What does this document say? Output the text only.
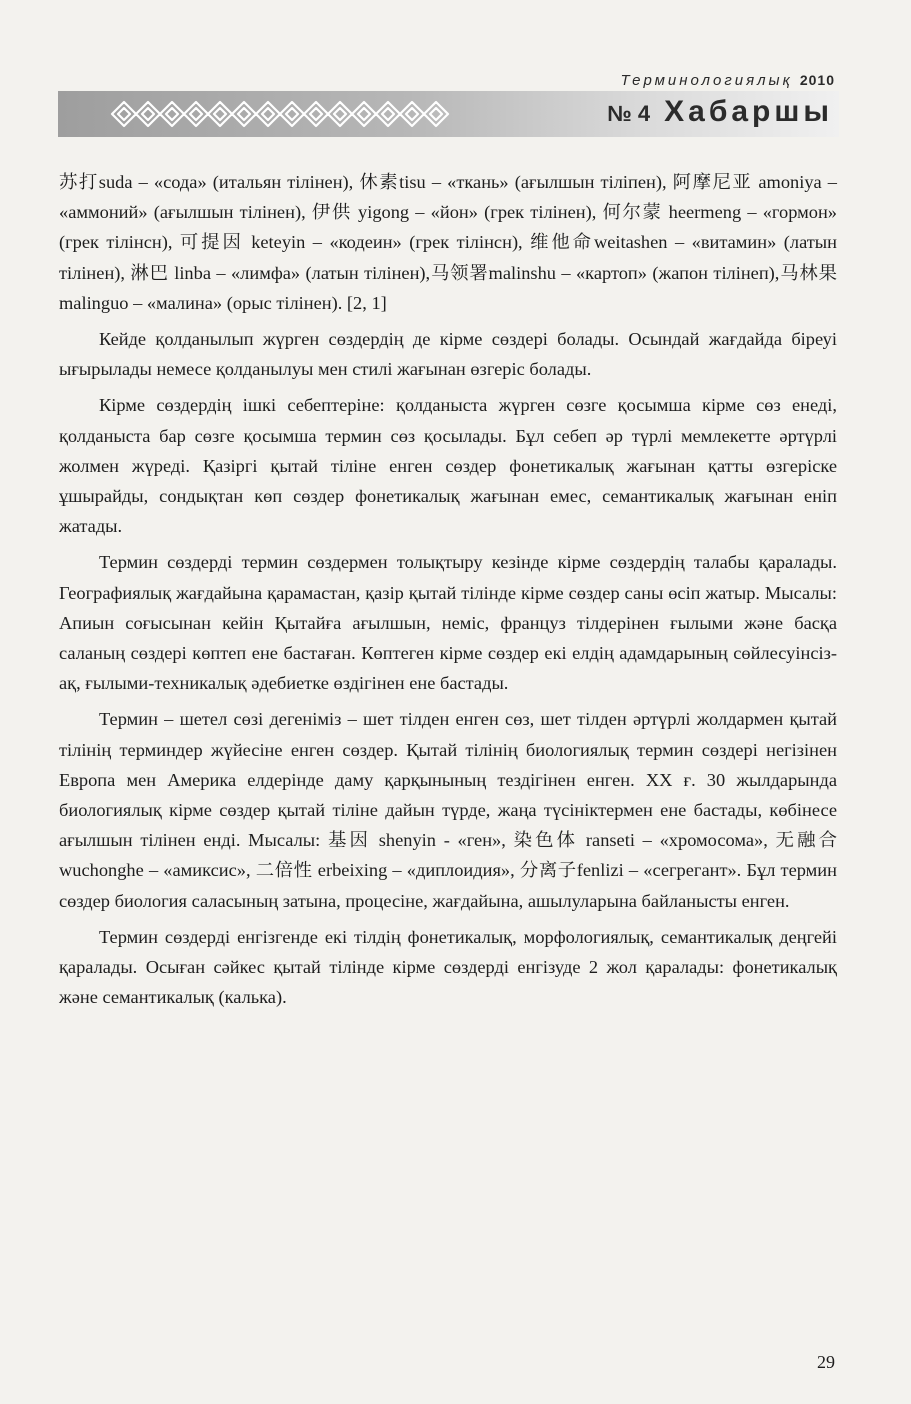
Терминологиялық 2010
№ 4 Хабаршы

苏打suda – «сода» (итальян тілінен), 休素tisu – «ткань» (ағылшын тіліпен), 阿摩尼亚 amoniya – «аммоний» (ағылшын тілінен), 伊供 yigong – «йон» (грек тілінен), 何尔蒙 heermeng – «гормон» (грек тілінсн), 可提因 keteyin – «кодеин» (грек тілінсн), 维他命weitashen – «витамин» (латын тілінен), 淋巴 linba – «лимфа» (латын тілінен),马领署malinshu – «картоп» (жапон тілінеп),马林果malinguo – «малина» (орыс тілінен). [2, 1]

Кейде қолданылып жүрген сөздердің де кірме сөздері болады. Осындай жағдайда біреуі ығырылады немесе қолданылуы мен стилі жағынан өзгеріс болады.

Кірме сөздердің ішкі себептеріне: қолданыста жүрген сөзге қосымша кірме сөз енеді, қолданыста бар сөзге қосымша термин сөз қосылады. Бұл себеп әр түрлі мемлекетте әртүрлі жолмен жүреді. Қазіргі қытай тіліне енген сөздер фонетикалық жағынан қатты өзгеріске ұшырайды, сондықтан көп сөздер фонетикалық жағынан емес, семантикалық жағынан еніп жатады.

Термин сөздерді термин сөздермен толықтыру кезінде кірме сөздердің талабы қаралады. Географиялық жағдайына қарамастан, қазір қытай тілінде кірме сөздер саны өсіп жатыр. Мысалы: Апиын соғысынан кейін Қытайға ағылшын, неміс, француз тілдерінен ғылыми және басқа саланың сөздері көптеп ене бастаған. Көптеген кірме сөздер екі елдің адамдарының сөйлесуінсіз-ақ, ғылыми-техникалық әдебиетке өздігінен ене бастады.

Термин – шетел сөзі дегеніміз – шет тілден енген сөз, шет тілден әртүрлі жолдармен қытай тілінің терминдер жүйесіне енген сөздер. Қытай тілінің биологиялық термин сөздері негізінен Европа мен Америка елдерінде даму қарқынының тездігінен енген. XX ғ. 30 жылдарында биологиялық кірме сөздер қытай тіліне дайын түрде, жаңа түсініктермен ене бастады, көбінесе ағылшын тілінен енді. Мысалы: 基因 shenyin - «ген», 染色体 ranseti – «хромосома», 无融合wuchonghe – «амиксис», 二倍性 erbeixing – «диплоидия», 分离子fenlizi – «сегрегант». Бұл термин сөздер биология саласының затына, процесіне, жағдайына, ашылуларына байланысты енген.

Термин сөздерді енгізгенде екі тілдің фонетикалық, морфологиялық, семантикалық деңгейі қаралады. Осыған сәйкес қытай тілінде кірме сөздерді енгізуде 2 жол қаралады: фонетикалық және семантикалық (калька).

29
